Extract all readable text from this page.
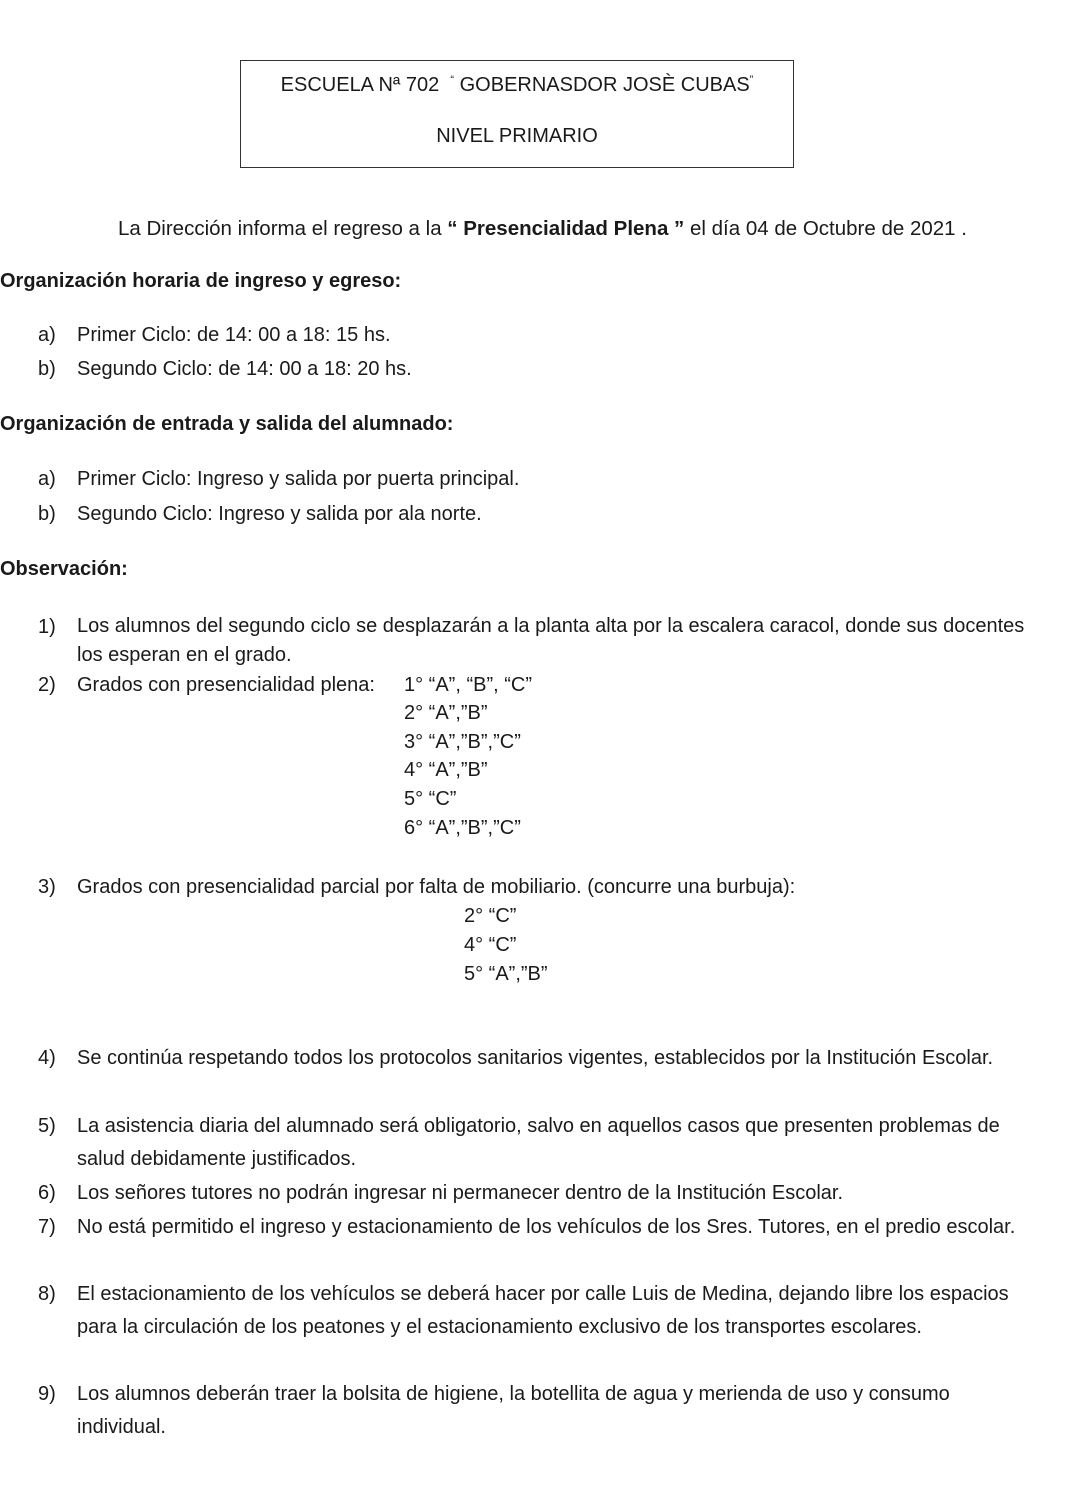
ESCUELA Nª 702 “ GOBERNASDOR JOSÈ CUBAS”
NIVEL PRIMARIO
La Dirección informa el regreso a la “ Presencialidad Plena ” el día 04 de Octubre de 2021 .
Organización horaria de ingreso y egreso:
a) Primer Ciclo: de 14: 00 a 18: 15 hs.
b) Segundo Ciclo: de 14: 00 a 18: 20 hs.
Organización de entrada y salida del alumnado:
a) Primer Ciclo: Ingreso y salida por puerta principal.
b) Segundo Ciclo: Ingreso y salida por ala norte.
Observación:
1) Los alumnos del segundo ciclo se desplazarán a la planta alta por la escalera caracol, donde sus docentes los esperan en el grado.
2) Grados con presencialidad plena: 1° “A”, “B”, “C”
2° “A”,”B”
3° “A”,”B”,”C”
4° “A”,”B”
5° “C”
6° “A”,”B”,”C”
3) Grados con presencialidad parcial por falta de mobiliario. (concurre una burbuja):
2° “C”
4° “C”
5° “A”,”B”
4) Se continúa respetando todos los protocolos sanitarios vigentes, establecidos por la Institución Escolar.
5) La asistencia diaria del alumnado será obligatorio, salvo en aquellos casos que presenten problemas de salud debidamente justificados.
6) Los señores tutores no podrán ingresar ni permanecer dentro de la Institución Escolar.
7) No está permitido el ingreso y estacionamiento de los vehículos de los Sres. Tutores, en el predio escolar.
8) El estacionamiento de los vehículos se deberá hacer por calle Luis de Medina, dejando libre los espacios para la circulación de los peatones y el estacionamiento exclusivo de los transportes escolares.
9) Los alumnos deberán traer la bolsita de higiene, la botellita de agua y merienda de uso y consumo individual.
